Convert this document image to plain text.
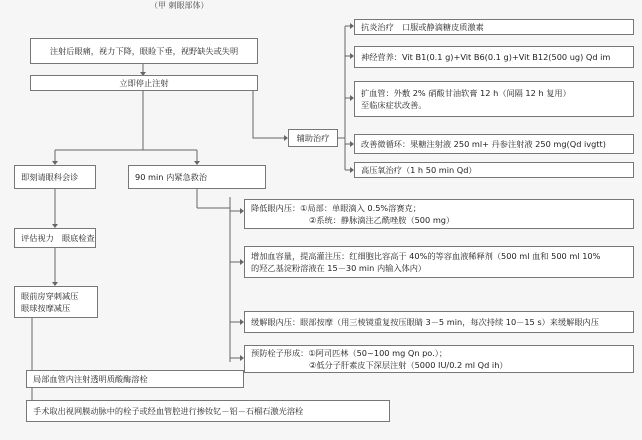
（甲 刺眼部体）
注射后眼痛，视力下降，眼睑下垂，视野缺失或失明
立即停止注射
辅助治疗
抗炎治疗　口服或静滴糖皮质激素
神经营养：Vit B1(0.1 g)+Vit B6(0.1 g)+Vit B12(500 ug) Qd im
扩血管：外敷 2% 硝酸甘油软膏 12 h（间隔 12 h 复用）
至临床症状改善。
改善微循环：果糖注射液 250 ml+ 丹参注射液 250 mg(Qd ivgtt)
高压氧治疗（1 h 50 min Qd）
即刻请眼科会诊	90 min 内紧急救治
评估视力　眼底检查
眼前房穿刺减压
眼球按摩减压
降低眼内压：①局部：单眼滴入 0.5%溶赛克；
②系统：静脉滴注乙酰唑胺（500 mg）
增加血容量，提高灌注压：红细胞比容高于 40%的等容血液稀释剂（500 ml 血和 500 ml 10%
的羟乙基淀粉溶液在 15－30 min 内输入体内）
缓解眼内压：眼部按摩（用三棱镜重复按压眼睛 3－5 min，每次持续 10－15 s）来缓解眼内压
预防栓子形成：①阿司匹林（50~100 mg Qn po.）；
②低分子肝素皮下深层注射（5000 IU/0.2 ml Qd ih）
局部血管内注射透明质酸酶溶栓
手术取出视网膜动脉中的栓子或经血管腔进行掺钕钇－铝－石榴石激光溶栓
